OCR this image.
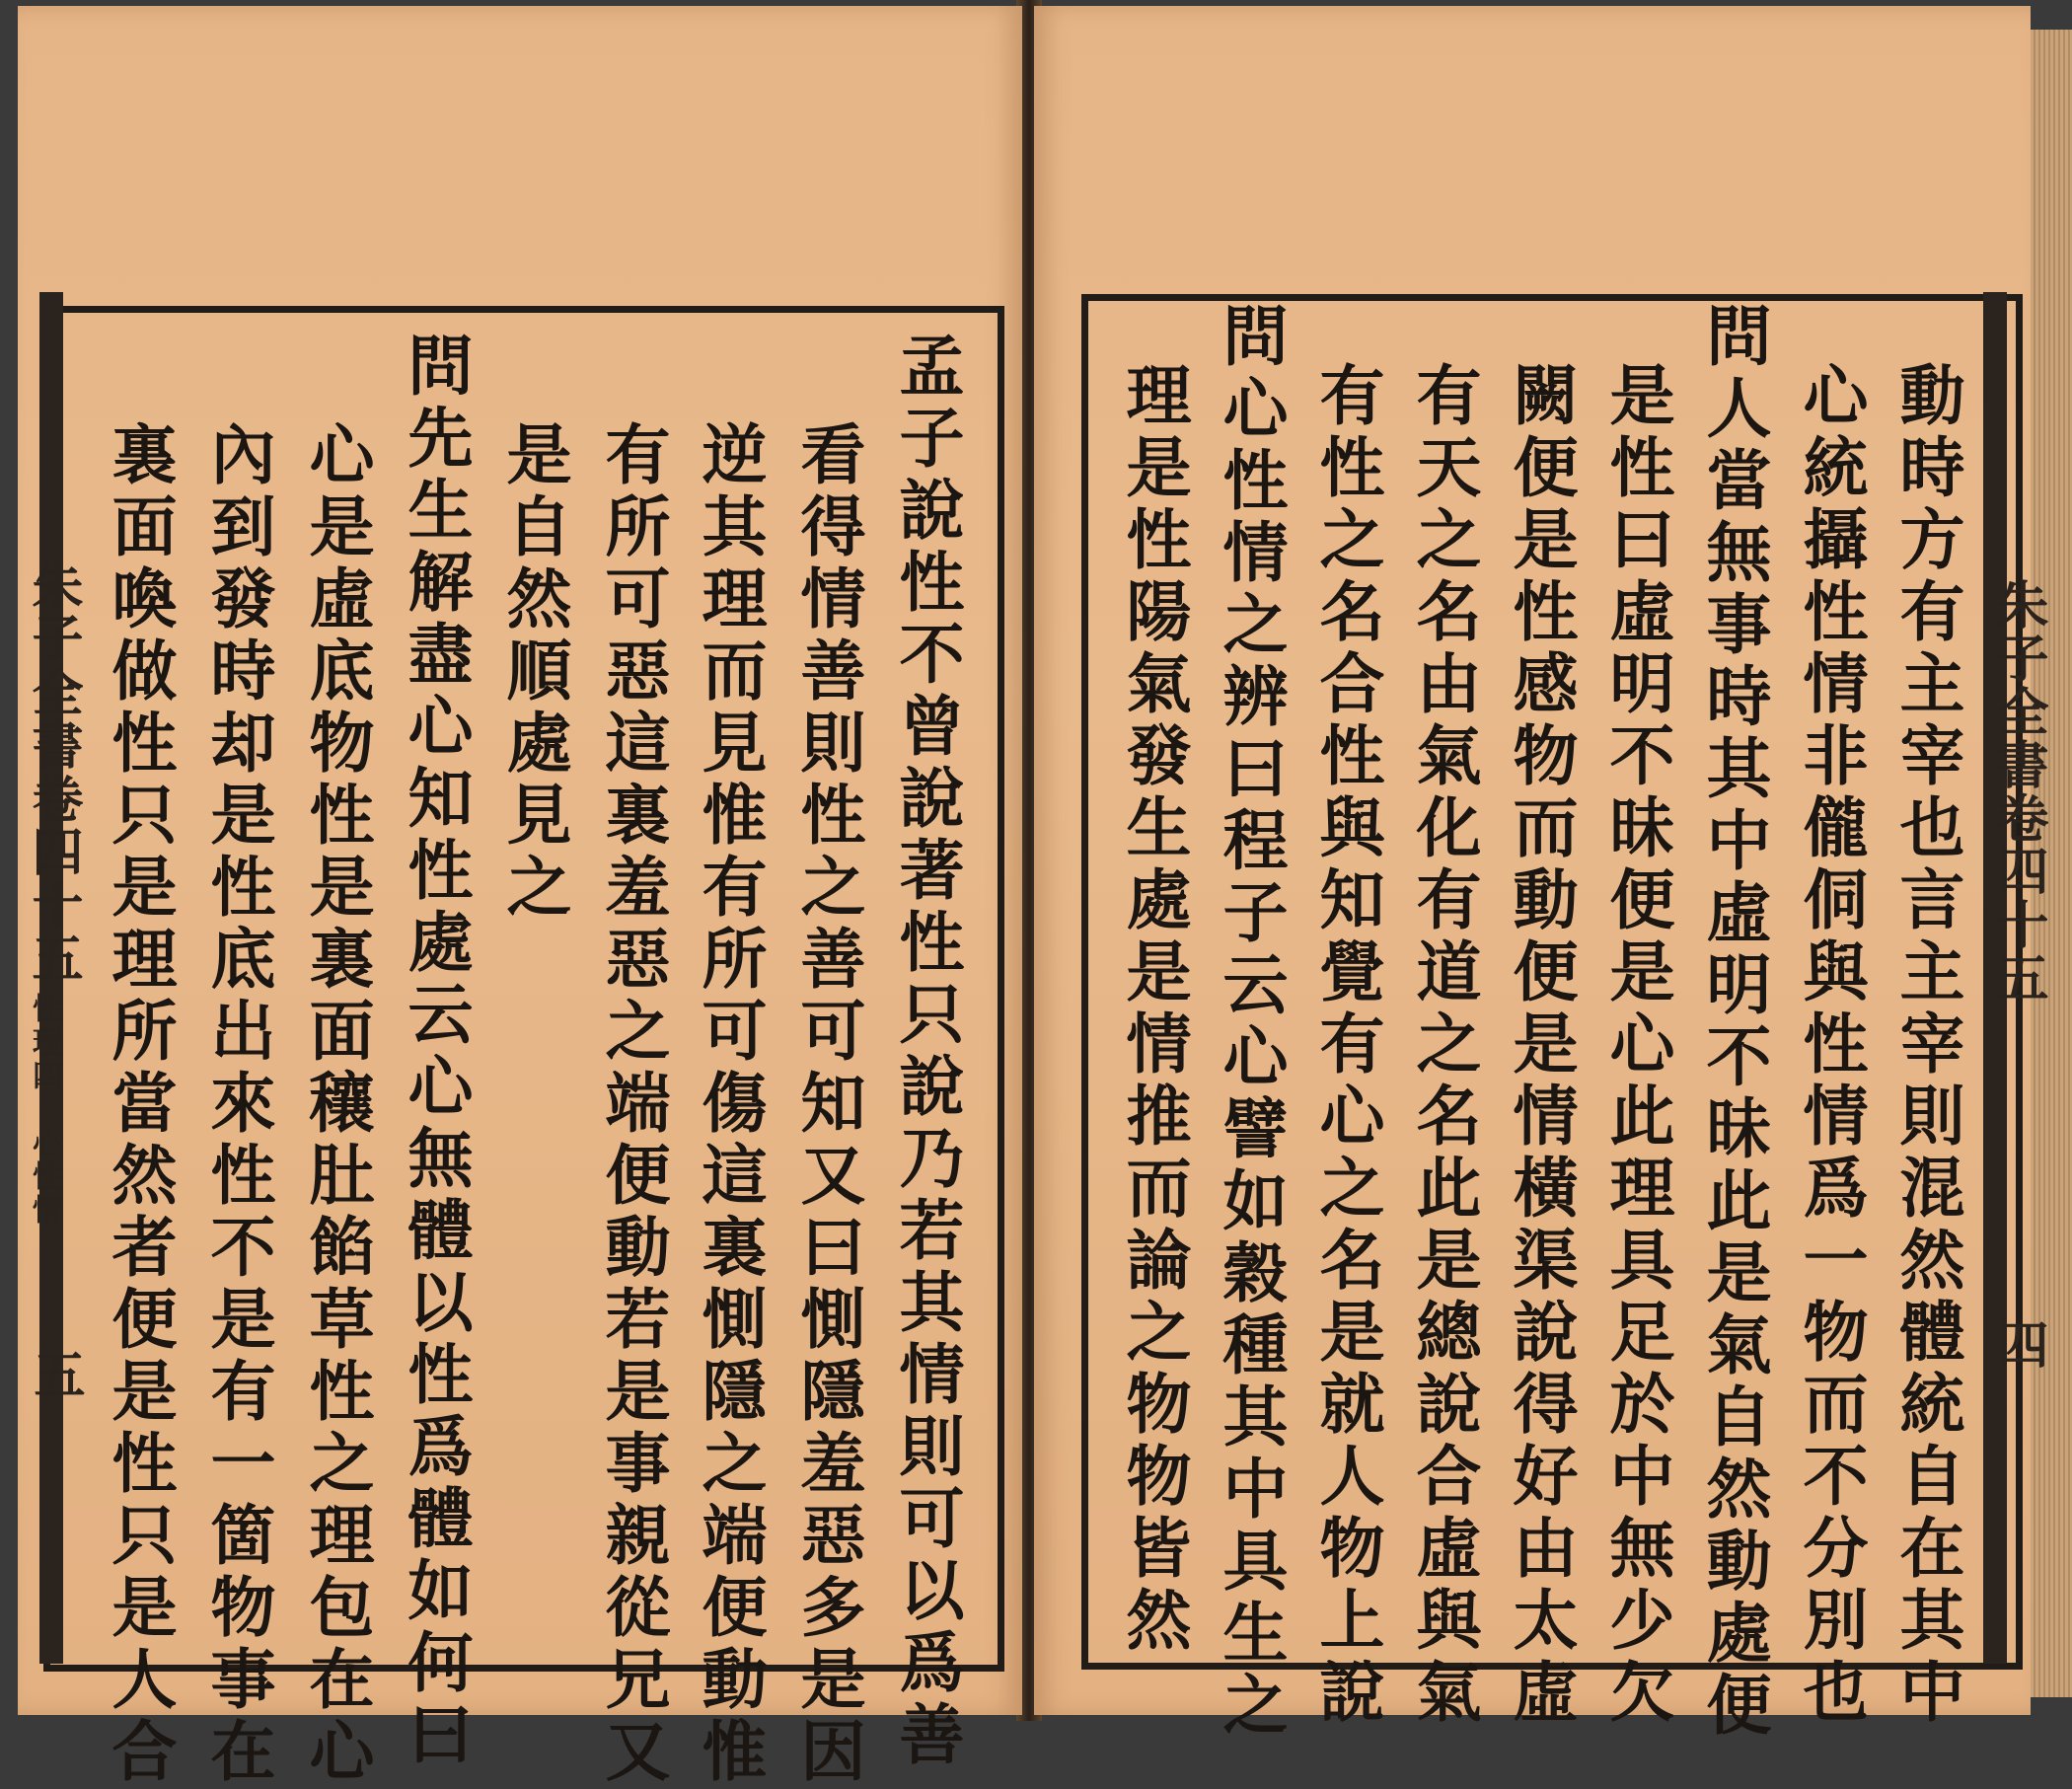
朱子全書卷四十五
性理四　心性情
五	孟子說性不曾說著性只說乃若其情則可以爲善
看得情善則性之善可知又曰惻隱羞惡多是因
逆其理而見惟有所可傷這裏惻隱之端便動惟
有所可惡這裏羞惡之端便動若是事親從兄又
是自然順處見之
問先生解盡心知性處云心無體以性爲體如何曰
心是虛底物性是裏面穰肚餡草性之理包在心
內到發時却是性底出來性不是有一箇物事在
裏面喚做性只是理所當然者便是性只是人合	朱子全書卷四十五
四
動時方有主宰也言主宰則混然體統自在其中
心統攝性情非儱侗與性情爲一物而不分別也
問人當無事時其中虛明不昧此是氣自然動處便
是性曰虛明不昧便是心此理具足於中無少欠
闕便是性感物而動便是情橫渠說得好由太虛
有天之名由氣化有道之名此是總說合虛與氣
有性之名合性與知覺有心之名是就人物上說
問心性情之辨曰程子云心譬如穀種其中具生之
理是性陽氣發生處是情推而論之物物皆然
